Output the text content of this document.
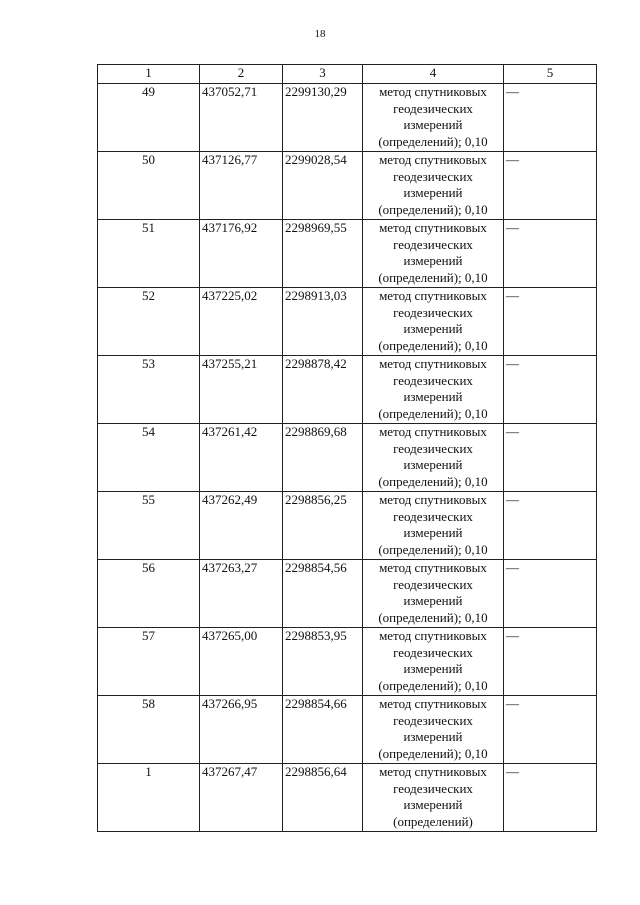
18
1	2	3	4	5
49	437052,71	2299130,29	метод спутниковых
геодезических
измерений
(определений); 0,10	—
50	437126,77	2299028,54	метод спутниковых
геодезических
измерений
(определений); 0,10	—
51	437176,92	2298969,55	метод спутниковых
геодезических
измерений
(определений); 0,10	—
52	437225,02	2298913,03	метод спутниковых
геодезических
измерений
(определений); 0,10	—
53	437255,21	2298878,42	метод спутниковых
геодезических
измерений
(определений); 0,10	—
54	437261,42	2298869,68	метод спутниковых
геодезических
измерений
(определений); 0,10	—
55	437262,49	2298856,25	метод спутниковых
геодезических
измерений
(определений); 0,10	—
56	437263,27	2298854,56	метод спутниковых
геодезических
измерений
(определений); 0,10	—
57	437265,00	2298853,95	метод спутниковых
геодезических
измерений
(определений); 0,10	—
58	437266,95	2298854,66	метод спутниковых
геодезических
измерений
(определений); 0,10	—
1	437267,47	2298856,64	метод спутниковых
геодезических
измерений
(определений)	—
